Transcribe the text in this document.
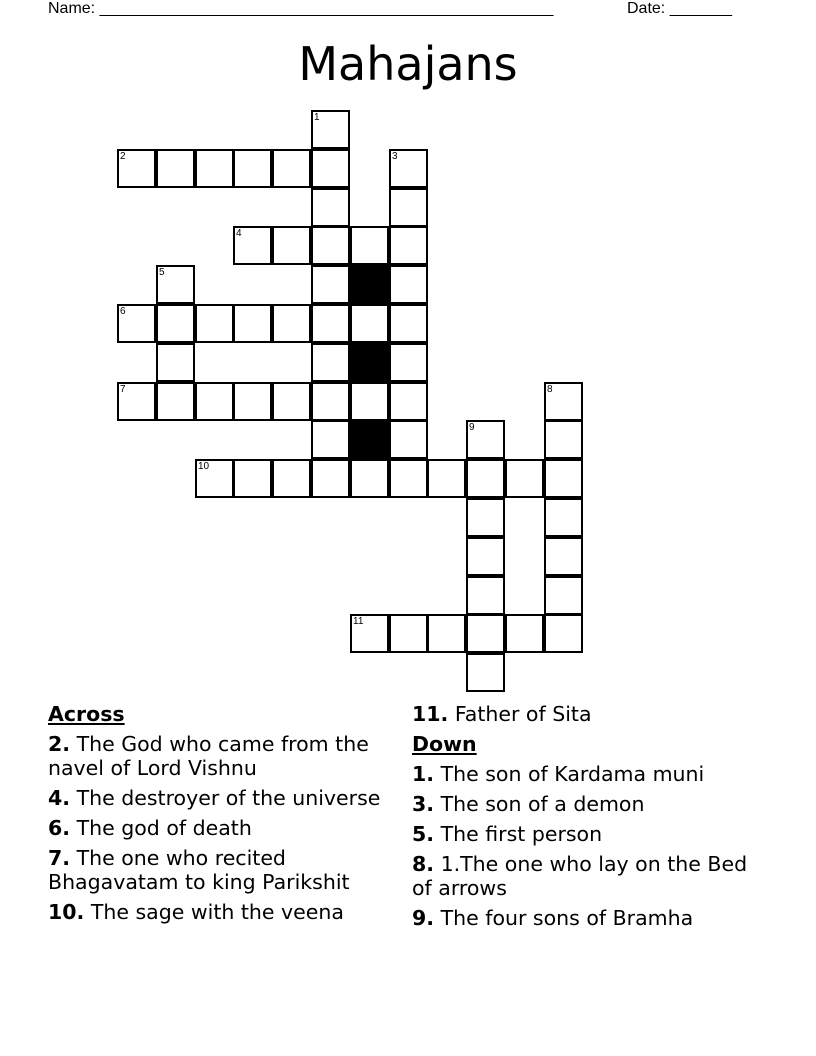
Name: ___________________________________________________	Date: _______
Mahajans
1
2	3
4
5
6
7	8
9
10
11
Across
2. The God who came from the navel of Lord Vishnu
4. The destroyer of the universe
6. The god of death
7. The one who recited Bhagavatam to king Parikshit
10. The sage with the veena
11. Father of Sita
Down
1. The son of Kardama muni
3. The son of a demon
5. The first person
8. 1.The one who lay on the Bed of arrows
9. The four sons of Bramha
